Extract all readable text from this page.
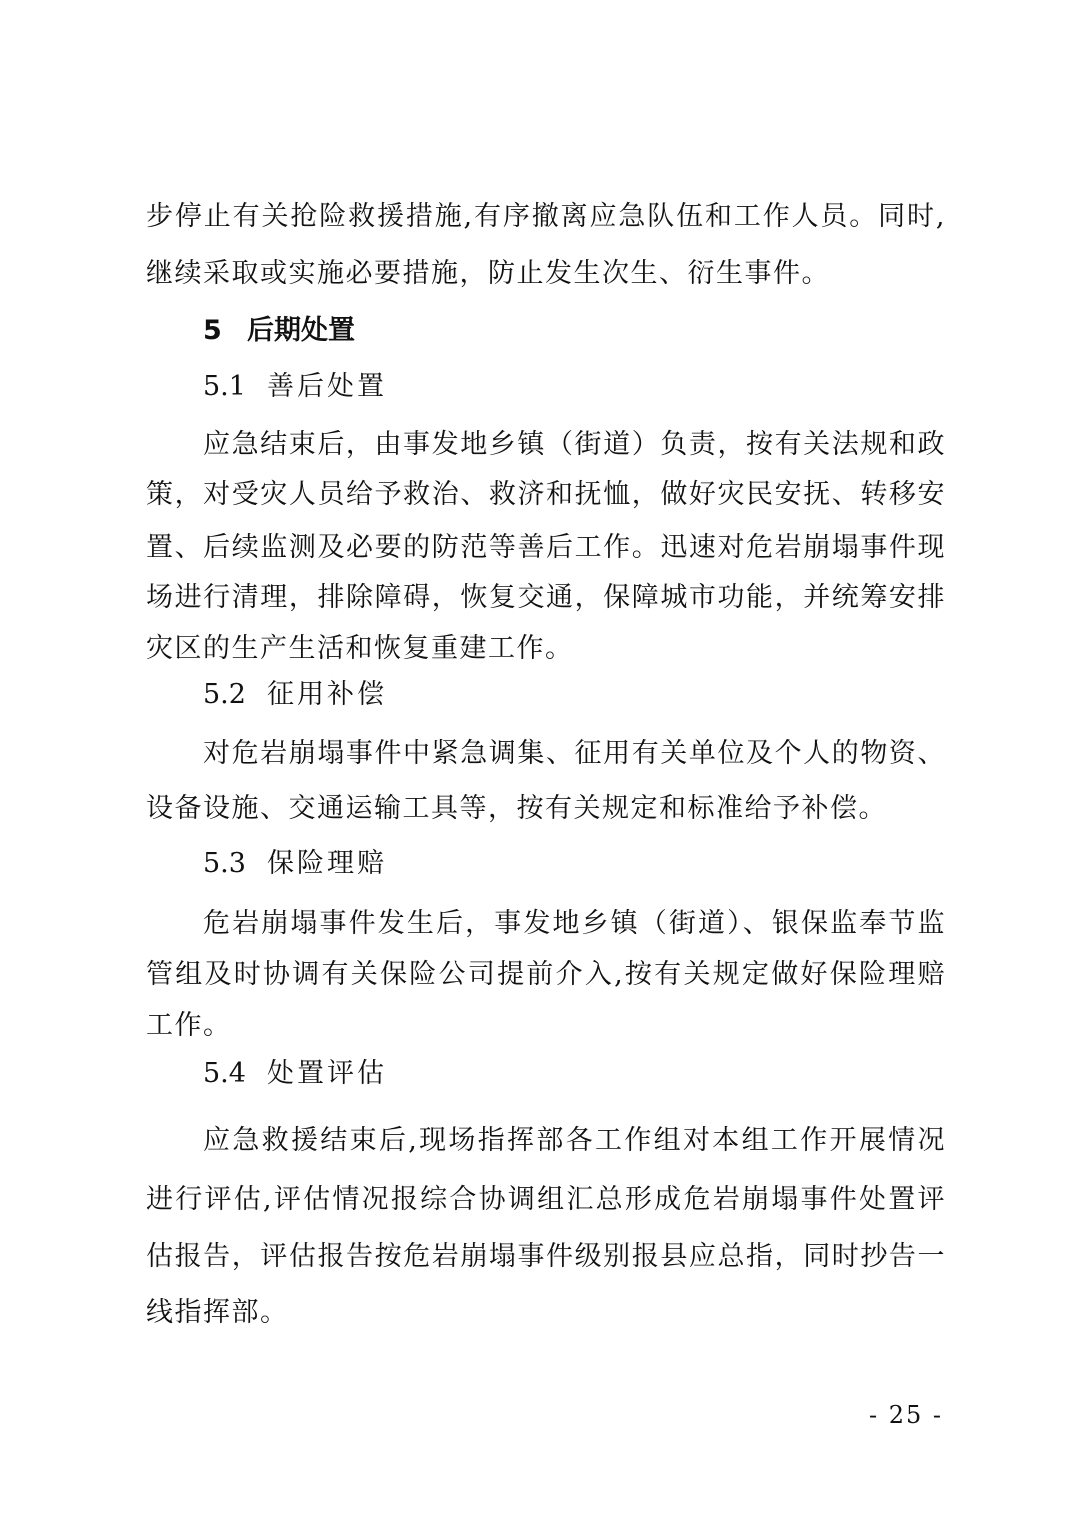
步停止有关抢险救援措施,有序撤离应急队伍和工作人员。同时,
继续采取或实施必要措施，防止发生次生、衍生事件。
5 后期处置
5.1 善后处置
应急结束后，由事发地乡镇（街道）负责，按有关法规和政
策，对受灾人员给予救治、救济和抚恤，做好灾民安抚、转移安
置、后续监测及必要的防范等善后工作。迅速对危岩崩塌事件现
场进行清理，排除障碍，恢复交通，保障城市功能，并统筹安排
灾区的生产生活和恢复重建工作。
5.2 征用补偿
对危岩崩塌事件中紧急调集、征用有关单位及个人的物资、
设备设施、交通运输工具等，按有关规定和标准给予补偿。
5.3 保险理赔
危岩崩塌事件发生后，事发地乡镇（街道）、银保监奉节监
管组及时协调有关保险公司提前介入,按有关规定做好保险理赔
工作。
5.4 处置评估
应急救援结束后,现场指挥部各工作组对本组工作开展情况
进行评估,评估情况报综合协调组汇总形成危岩崩塌事件处置评
估报告，评估报告按危岩崩塌事件级别报县应总指，同时抄告一
线指挥部。
- 25 -
